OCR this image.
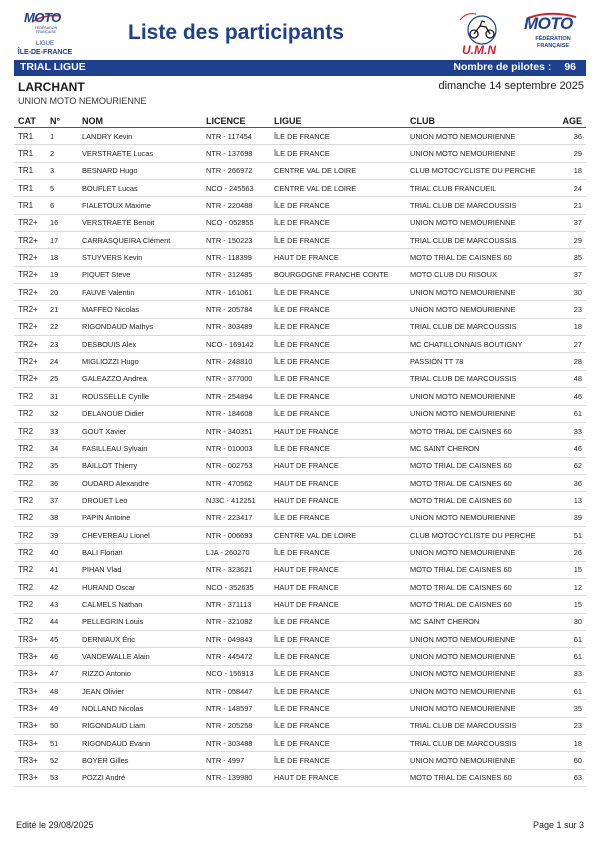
MOTO
FÉDÉRATION FRANÇAISE
LIGUE
ÎLE-DE-FRANCE
Liste des participants
U.M.N
MOTO
FÉDÉRATION
FRANÇAISE
TRIAL LIGUE	Nombre de pilotes : 96
LARCHANT	dimanche 14 septembre 2025
UNION MOTO NEMOURIENNE
CAT	N°	NOM	LICENCE	LIGUE	CLUB	AGE
TR1	1	LANDRY Kevin	NTR - 117454	ÎLE DE FRANCE	UNION MOTO NEMOURIENNE	36
TR1	2	VERSTRAETE Lucas	NTR - 137698	ÎLE DE FRANCE	UNION MOTO NEMOURIENNE	29
TR1	3	BESNARD Hugo	NTR - 266972	CENTRE VAL DE LOIRE	CLUB MOTOCYCLISTE DU PERCHE	18
TR1	5	BOUFLET Lucas	NCO - 245563	CENTRE VAL DE LOIRE	TRIAL CLUB FRANCUEIL	24
TR1	6	FIALETOUX Maxime	NTR - 220488	ÎLE DE FRANCE	TRIAL CLUB DE MARCOUSSIS	21
TR2+	16	VERSTRAETE Benoit	NCO - 052855	ÎLE DE FRANCE	UNION MOTO NEMOURIENNE	37
TR2+	17	CARRASQUEIRA Clément	NTR - 150223	ÎLE DE FRANCE	TRIAL CLUB DE MARCOUSSIS	29
TR2+	18	STUYVERS Kevin	NTR - 118399	HAUT DE FRANCE	MOTO TRIAL DE CAISNES 60	35
TR2+	19	PIQUET Steve	NTR - 312485	BOURGOGNE FRANCHE CONTE	MOTO CLUB DU RISOUX	37
TR2+	20	FAUVE Valentin	NTR - 161061	ÎLE DE FRANCE	UNION MOTO NEMOURIENNE	30
TR2+	21	MAFFEO Nicolas	NTR - 205784	ÎLE DE FRANCE	UNION MOTO NEMOURIENNE	23
TR2+	22	RIGONDAUD Mathys	NTR - 303489	ÎLE DE FRANCE	TRIAL CLUB DE MARCOUSSIS	18
TR2+	23	DESBOUIS Alex	NCO - 169142	ÎLE DE FRANCE	MC CHATILLONNAIS BOUTIGNY	27
TR2+	24	MIGLIOZZI Hugo	NTR - 248810	ÎLE DE FRANCE	PASSION TT 78	28
TR2+	25	GALEAZZO Andrea	NTR - 377000	ÎLE DE FRANCE	TRIAL CLUB DE MARCOUSSIS	48
TR2	31	ROUSSELLE Cyrille	NTR - 254894	ÎLE DE FRANCE	UNION MOTO NEMOURIENNE	46
TR2	32	DELANOUE Didier	NTR - 184608	ÎLE DE FRANCE	UNION MOTO NEMOURIENNE	61
TR2	33	GOUT Xavier	NTR - 340351	HAUT DE FRANCE	MOTO TRIAL DE CAISNES 60	33
TR2	34	FASILLEAU Sylvain	NTR - 010003	ÎLE DE FRANCE	MC SAINT CHERON	46
TR2	35	BAILLOT Thierry	NTR - 002753	HAUT DE FRANCE	MOTO TRIAL DE CAISNES 60	62
TR2	36	OUDARD Alexandre	NTR - 470562	HAUT DE FRANCE	MOTO TRIAL DE CAISNES 60	36
TR2	37	DROUET Leo	NJ3C - 412251	HAUT DE FRANCE	MOTO TRIAL DE CAISNES 60	13
TR2	38	PAPIN Antoine	NTR - 223417	ÎLE DE FRANCE	UNION MOTO NEMOURIENNE	39
TR2	39	CHEVEREAU Lionel	NTR - 006693	CENTRE VAL DE LOIRE	CLUB MOTOCYCLISTE DU PERCHE	51
TR2	40	BALI Florian	LJA - 260270	ÎLE DE FRANCE	UNION MOTO NEMOURIENNE	26
TR2	41	PIHAN Vlad	NTR - 323621	HAUT DE FRANCE	MOTO TRIAL DE CAISNES 60	15
TR2	42	HURAND Oscar	NCO - 352635	HAUT DE FRANCE	MOTO TRIAL DE CAISNES 60	12
TR2	43	CALMELS Nathan	NTR - 371113	HAUT DE FRANCE	MOTO TRIAL DE CAISNES 60	15
TR2	44	PELLEGRIN Louis	NTR - 321082	ÎLE DE FRANCE	MC SAINT CHERON	30
TR3+	45	DERNIAUX Éric	NTR - 049843	ÎLE DE FRANCE	UNION MOTO NEMOURIENNE	61
TR3+	46	VANDEWALLE Alain	NTR - 445472	ÎLE DE FRANCE	UNION MOTO NEMOURIENNE	61
TR3+	47	RIZZO Antonio	NCO - 156913	ÎLE DE FRANCE	UNION MOTO NEMOURIENNE	33
TR3+	48	JEAN Olivier	NTR - 058447	ÎLE DE FRANCE	UNION MOTO NEMOURIENNE	61
TR3+	49	NOLLAND Nicolas	NTR - 148597	ÎLE DE FRANCE	UNION MOTO NEMOURIENNE	35
TR3+	50	RIGONDAUD Liam	NTR - 205258	ÎLE DE FRANCE	TRIAL CLUB DE MARCOUSSIS	23
TR3+	51	RIGONDAUD Evann	NTR - 303488	ÎLE DE FRANCE	TRIAL CLUB DE MARCOUSSIS	18
TR3+	52	BOYER Gilles	NTR - 4997	ÎLE DE FRANCE	UNION MOTO NEMOURIENNE	60
TR3+	53	POZZI André	NTR - 139980	HAUT DE FRANCE	MOTO TRIAL DE CAISNES 60	63
Edité le 29/08/2025	Page 1 sur 3
